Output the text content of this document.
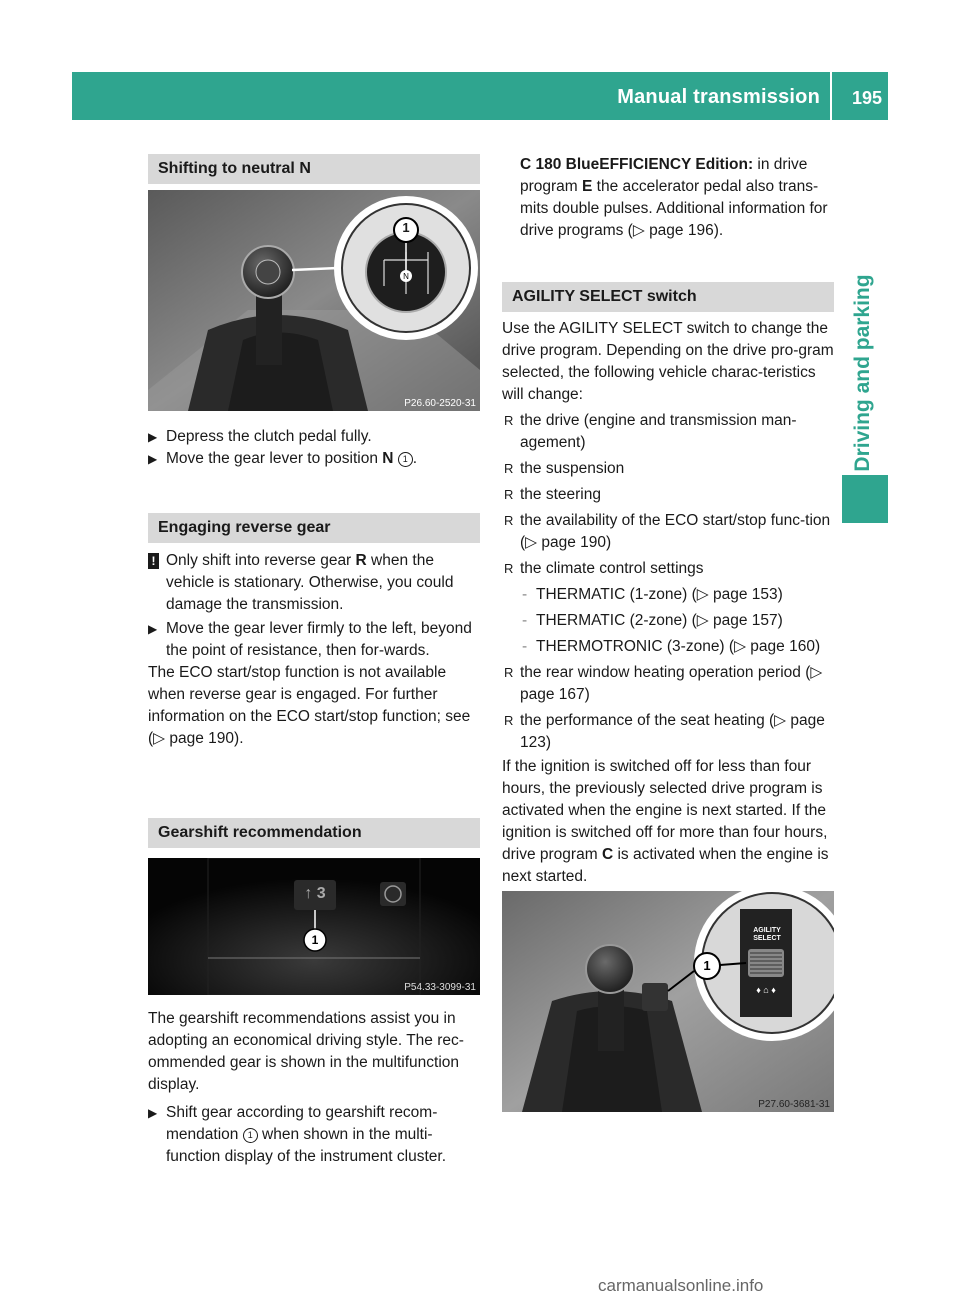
Manual transmission 195
Driving and parking
Shifting to neutral N
N
1
P26.60-2520-31

▶ Depress the clutch pedal fully.

▶ Move the gear lever to position N 1 .

Engaging reverse gear

! Only shift into reverse gear R when the vehicle is stationary. Otherwise, you could damage the transmission.

▶ Move the gear lever firmly to the left, beyond the point of resistance, then for-wards.

The ECO start/stop function is not available when reverse gear is engaged. For further information on the ECO start/stop function; see (▷ page 190).

Gearshift recommendation
↑ 3
1
P54.33-3099-31

The gearshift recommendations assist you in adopting an economical driving style. The rec-ommended gear is shown in the multifunction display.

▶ Shift gear according to gearshift recom-mendation 1 when shown in the multi-function display of the instrument cluster.

C 180 BlueEFFICIENCY Edition: in drive program E the accelerator pedal also trans-mits double pulses. Additional information for drive programs (▷ page 196).

AGILITY SELECT switch

Use the AGILITY SELECT switch to change the drive program. Depending on the drive pro-gram selected, the following vehicle charac-teristics will change:

R the drive (engine and transmission man-agement)

R the suspension

R the steering

R the availability of the ECO start/stop func-tion (▷ page 190)

R the climate control settings

- THERMATIC (1-zone) (▷ page 153)

- THERMATIC (2-zone) (▷ page 157)

- THERMOTRONIC (3-zone) (▷ page 160)

R the rear window heating operation period (▷ page 167)

R the performance of the seat heating (▷ page 123)

If the ignition is switched off for less than four hours, the previously selected drive program is activated when the engine is next started. If the ignition is switched off for more than four hours, drive program C is activated when the engine is next started.

♦ ⌂ ♦
AGILITY SELECT
1
P27.60-3681-31
carmanualsonline.info
